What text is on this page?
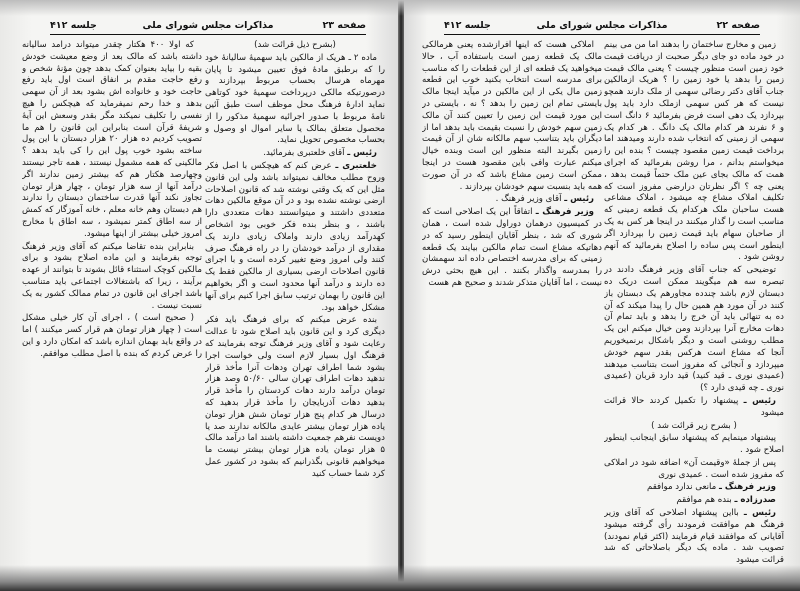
صفحه ۲۳
مذاکرات مجلس شورای ملی
جلسه ۴۱۲

(بشرح ذیل قرائت شد)

ماده ۲ ـ هریک از مالکین باید سهمیهٔ سالیانهٔ خود را که برطبق مادهٔ فوق تعیین میشود تا پایان مهرماه هرسال بحساب مربوط بپردازند و درصورتیکه مالکی درپرداخت سهمیهٔ خود کوتاهی نماید ادارهٔ فرهنگ محل موظف است طبق آئین نامهٔ مربوط با صدور اجرائیه سهمیهٔ مذکور را از محصول متعلق بمالک یا سایر اموال او وصول و بحساب مخصوص تحویل نماید.

رئیس ـ آقای خلعتبری بفرمائید.

خلعتبری ـ عرض کنم که هیچکس با اصل فکر وروح مطلب مخالف نمیتواند باشد ولی این قانون مثل این که یک وقتی نوشته شد که قانون اصلاحات ارضی نوشته نشده بود و در آن موقع مالکین دهات متعددی داشتند و میتوانستند دهات متعددی دارا باشند ، و بنظر بنده فکر خوبی بود اشخاص کهدرآمد زیادی دارند واملاک زیادی دارند یک مقداری از درآمد خودشان را در راه فرهنگ صرف کنند ولی امروز وضع تغییر کرده است و با اجرای قانون اصلاحات ارضی بسیاری از مالکین فقط یک ده دارند و درآمد آنها محدود است و اگر بخواهیم این قانون را بهمان ترتیب سابق اجرا کنیم برای آنها مشکل خواهد بود.

بنده عرض میکنم که برای فرهنگ باید فکر دیگری کرد و این قانون باید اصلاح شود تا عدالت رعایت شود و آقای وزیر فرهنگ توجه بفرمایند که فرهنگ اول بسیار لازم است ولی خواست اجرا بشود شما اطراف تهران ودهات آنرا مأخذ قرار ندهید دهات اطراف تهران سالی ۵۰/۶۰ وصد هزار تومان درآمد دارند دهات کردستان را مأخذ قرار بدهید دهات آذربایجان را مأخذ قرار بدهید که درسال هر کدام پنج هزار تومان شش هزار تومان یاده هزار تومان بیشتر عایدی مالکانه ندارند صد یا دویست نفرهم جمعیت داشته باشند اما درآمد مالک ۵ هزار تومان یاده هزار تومان بیشتر نیست ما میخواهیم قانونی بگذرانیم که بشود در کشور عمل کرد شما حساب کنید

که اولا ۴۰۰ هکتار چقدر میتواند درآمد سالیانه داشته باشد که مالک بعد از وضع معیشت خودش بقیه را بیاید بعنوان کمک بدهد چون مؤنهٔ شخص و رفع حاجت مقدم بر انفاق است اول باید رفع حاجت خود و خانواده اش بشود بعد از آن سهمی بدهد و خدا رحم نمیفرماید که هیچکس را هیچ نفسی را تکلیف نمیکند مگر بقدر وسعش این آیهٔ شریفهٔ قرآن است بنابراین این قانون را هم ما تصویب کردیم ده هزار ۲۰ هزار دبستان با این پول ساخته بشود خوب پول این را کی باید بدهد ؟ مالکینی که همه مشمول نیستند ، همه تاجر نیستند وچهارصد هکتار هم که بیشتر زمین ندارند اگر درآمد آنها از سه هزار تومان ، چهار هزار تومان تجاوز نکند آنها قدرت ساختمان دبستان را ندارند هم دبستان وهم خانه معلم ، خانه آموزگار که کمش از سه اطاق کمتر نمیشود ، سه اطاق با مخارج امروز خیلی بیشتر از اینها میشود.

بنابراین بنده تقاضا میکنم که آقای وزیر فرهنگ توجه بفرمایند و این ماده اصلاح بشود و برای مالکین کوچک استثناء قائل بشوند تا بتوانند از عهده برآیند ، زیرا که باشتغالات اجتماعی باید متناسب باشد اجرای این قانون در تمام ممالک کشور به یک نسبت نیست .

( صحیح است ) ، اجرای آن کار خیلی مشکل است ( چهار هزار تومان هم قرار کسر میکنند ) اما در واقع باید بهمان اندازه باشد که امکان دارد و این را عرض کردم که بنده با اصل مطلب موافقم.

صفحه ۲۲
مذاکرات مجلس شورای ملی
جلسه ۴۱۲

زمین و مخارج ساختمان را بدهند اما من می بینم در خود ماده دو جای دیگر صحبت از دریافت قیمت خود زمین است منظور چیست ؟ یعنی مالک قیمت زمین را بدهد یا خود زمین را ؟ هریک ازمالکین جناب آقای دکتر رضائی سهمی از ملک دارند همچو نیست که هر کس سهمی ازملک دارد باید پول بپردازد یک دهی است فرض بفرمائید ۶ دانگ است و ۶ نفرند هر کدام مالک یک دانگ . هر کدام یک سهمی از زمینی که انتخاب شده دارند ومیدهند اما برداخت قیمت زمین مقصود چیست ؟ بنده این را میخواستم بدانم ، مرا روشن بفرمائید که اجرای همت که مالک بجای عین ملک حتماً قیمت بدهد ، یعنی چه ؟ اگر نظرتان درارضی مفروز است که تکلیف املاک مشاع چه میشود ، املاک مشاعی هست ساحبان ملک هرکدام یک قطعه زمینی که مناسب است را گذار میکنند در اینجا هر کس به یک از صاحبان سهام باید قیمت زمین را بپردازد اگر اینطور است پس ساده را اصلاح بفرمائید که آنهم روشن شود .

توضیحی که جناب آقای وزیر فرهنگ دادند در تبصره سه هم میگویند ممکن است دریک ده دبستان لازم باشد چندده مجاورهم یک دبستان باز کنند در آن مورد هم همین حال را پیدا میکند که آن ده به تنهائی باید آن خرج را بدهد و باید تمام آن دهات مخارج آنرا بپردازند ومن خیال میکنم این یک مطلب روشنی است و دیگر باشکال برنمیخوریم آنجا که مشاع است هرکس بقدر سهم خودش میپردازد و آنجائی که مفروز است بتناسب میدهند (عمیدی نوری ـ قید کنید) قید دارد قربان (عمیدی نوری ـ چه قیدی دارد ؟)

رئیس ـ پیشنهاد را تکمیل کردند حالا قرائت میشود

( بشرح زیر قرائت شد )

پیشنهاد مینمایم که پیشنهاد سابق اینجانب اینطور اصلاح شود .

پس از جملهٔ «وقیمت آن» اضافه شود در املاکی که مفروز شده است . عمیدی نوری

وزیر فرهنگ ـ مانعی ندارد موافقم

صدرزاده ـ بنده هم موافقم

رئیس ـ بااین پیشنهاد اصلاحی که آقای وزیر فرهنگ هم موافقت فرمودند رأی گرفته میشود آقایانی که موافقند قیام فرمایند (اکثر قیام نمودند) تصویب شد . ماده یک دیگر باصلاحاتی که شد قرائت میشود

املاکی هست که اینها افرازشده یعنی هرمالکی مالک یک قطعه زمین است باستفاده آب ، حالا میخواهید یک قطعه ای از این قطعات را که مناسب برای مدرسه است انتخاب بکنید خوب این قطعه زمین مال یکی از این مالکین در میآید اینجا مالک بایستی تمام این زمین را بدهد ؟ نه ، بایستی در این مورد قیمت این زمین را تعیین کنند آن مالک زمین سهم خودش را نسبت بقیمت باید بدهد اما از دیگران باید بتناسب سهم مالکانه شان از آن قیمت زمین بگیرند البته منظور این است وبنده خیال میکنم عبارت وافی باین مقصود هست در اینجا ممکن است زمین مشاع باشد که در آن صورت همه باید بنسبت سهم خودشان بپردازند .

رئیس ـ آقای وزیر فرهنگ .

وزیر فرهنگ ـ اتفاقاً این یک اصلاحی است که در کمیسیون درهمان دوراول شده است ، همان شوری که شد ، بنظر آقایان اینطور رسید که در دهاتیکه مشاع است تمام مالکین بیایند یک قطعه زمینی که برای مدرسه اختصاص داده اند سهمشان را بمدرسه واگذار بکنند . این هیچ بحثی درش نیست ، اما آقایان متذکر شدند و صحیح هم هست
